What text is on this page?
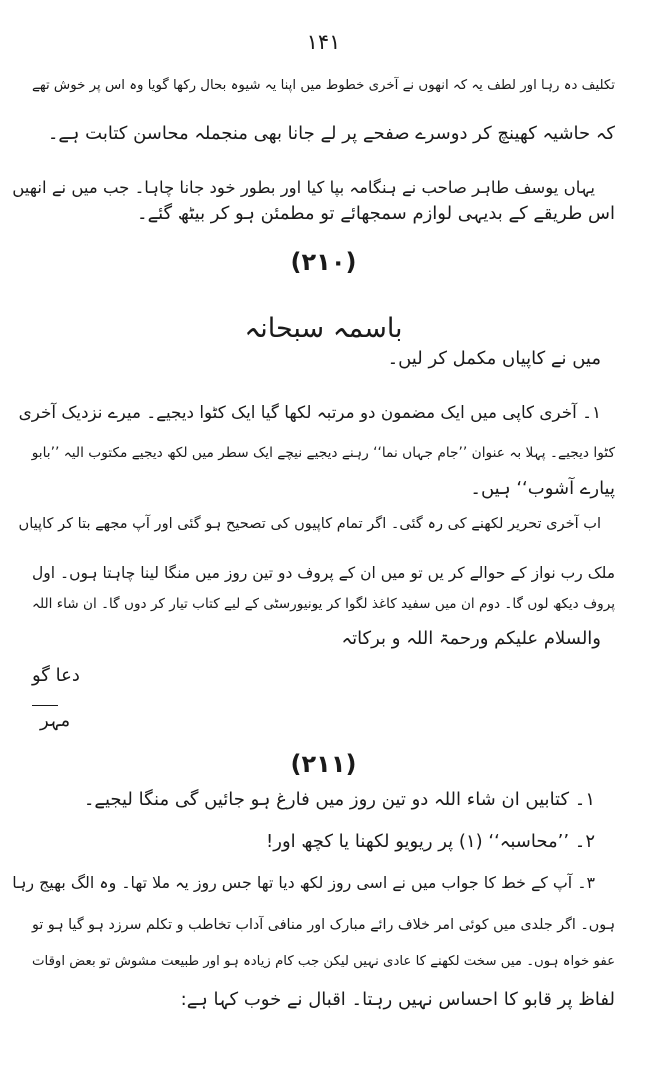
۱۴۱
تکلیف دہ رہا اور لطف یہ کہ انھوں نے آخری خطوط میں اپنا یہ شیوہ بحال رکھا گویا وہ اس پر خوش تھے
کہ حاشیہ کھینچ کر دوسرے صفحے پر لے جانا بھی منجملہ محاسن کتابت ہے۔
یہاں یوسف طاہر صاحب نے ہنگامہ بپا کیا اور بطور خود جانا چاہا۔ جب میں نے انھیں
اس طریقے کے بدیہی لوازم سمجھائے تو مطمئن ہو کر بیٹھ گئے۔
(۲۱۰)
باسمہ سبحانہ
میں نے کاپیاں مکمل کر لیں۔
۱۔ آخری کاپی میں ایک مضمون دو مرتبہ لکھا گیا ایک کٹوا دیجیے۔ میرے نزدیک آخری
کٹوا دیجیے۔ پہلا بہ عنوان ’’جام جہاں نما‘‘ رہنے دیجیے نیچے ایک سطر میں لکھ دیجیے مکتوب الیہ ’’بابو
پیارے آشوب‘‘ ہیں۔
اب آخری تحریر لکھنے کی رہ گئی۔ اگر تمام کاپیوں کی تصحیح ہو گئی اور آپ مجھے بتا کر کاپیاں
ملک رب نواز کے حوالے کر یں تو میں ان کے پروف دو تین روز میں منگا لینا چاہتا ہوں۔ اول
پروف دیکھ لوں گا۔ دوم ان میں سفید کاغذ لگوا کر یونیورسٹی کے لیے کتاب تیار کر دوں گا۔ ان شاء اللہ
والسلام علیکم ورحمۃ اللہ و برکاتہ
دعا گو
مہر
(۲۱۱)
۱۔ کتابیں ان شاء اللہ دو تین روز میں فارغ ہو جائیں گی منگا لیجیے۔
۲۔ ’’محاسبہ‘‘ (۱) پر ریویو لکھنا یا کچھ اور!
۳۔ آپ کے خط کا جواب میں نے اسی روز لکھ دیا تھا جس روز یہ ملا تھا۔ وہ الگ بھیج رہا
ہوں۔ اگر جلدی میں کوئی امر خلاف رائے مبارک اور منافی آداب تخاطب و تکلم سرزد ہو گیا ہو تو
عفو خواہ ہوں۔ میں سخت لکھنے کا عادی نہیں لیکن جب کام زیادہ ہو اور طبیعت مشوش تو بعض اوقات
لفاظ پر قابو کا احساس نہیں رہتا۔ اقبال نے خوب کہا ہے:
